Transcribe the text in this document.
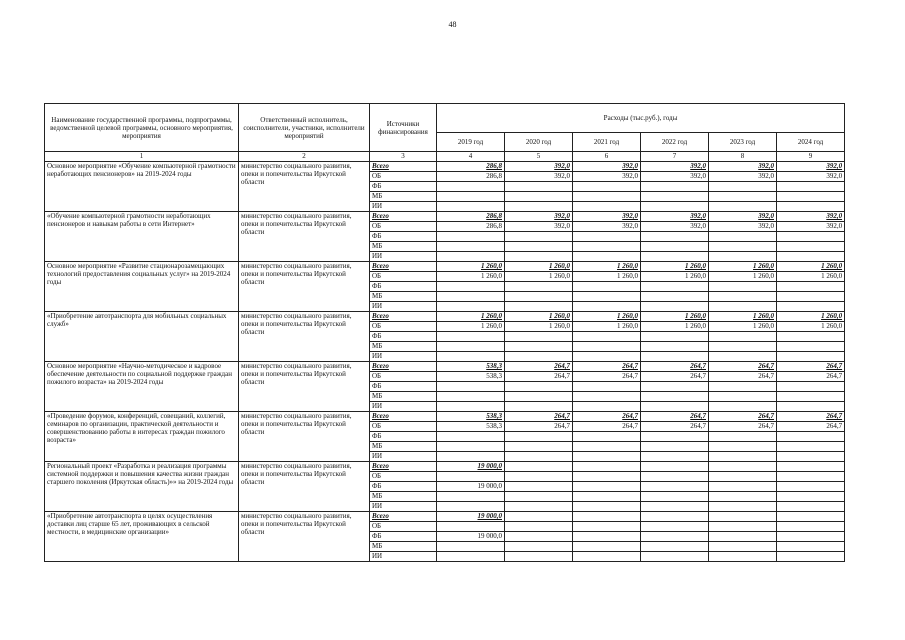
48
Наименование государственной программы, подпрограммы, ведомственной целевой программы, основного мероприятия, мероприятия	Ответственный исполнитель, соисполнители, участники, исполнители мероприятий	Источники финансирования	Расходы (тыс.руб.), годы					
			2019 год	2020 год	2021 год	2022 год	2023 год	2024 год
1	2	3	4	5	6	7	8	9
Основное мероприятие «Обучение компьютерной грамотности неработающих пенсионеров» на 2019-2024 годы	министерство социального развития, опеки и попечительства Иркутской области	Всего	286,8	392,0	392,0	392,0	392,0	392,0
		ОБ	286,8	392,0	392,0	392,0	392,0	392,0
		ФБ						
		МБ						
		ИИ						
«Обучение компьютерной грамотности неработающих пенсионеров и навыкам работы в сети Интернет»	министерство социального развития, опеки и попечительства Иркутской области	Всего	286,8	392,0	392,0	392,0	392,0	392,0
		ОБ	286,8	392,0	392,0	392,0	392,0	392,0
		ФБ						
		МБ						
		ИИ						
Основное мероприятие «Развитие стационарозамещающих технологий предоставления социальных услуг» на 2019-2024 годы	министерство социального развития, опеки и попечительства Иркутской области	Всего	1 260,0	1 260,0	1 260,0	1 260,0	1 260,0	1 260,0
		ОБ	1 260,0	1 260,0	1 260,0	1 260,0	1 260,0	1 260,0
		ФБ						
		МБ						
		ИИ						
«Приобретение автотранспорта для мобильных социальных служб»	министерство социального развития, опеки и попечительства Иркутской области	Всего	1 260,0	1 260,0	1 260,0	1 260,0	1 260,0	1 260,0
		ОБ	1 260,0	1 260,0	1 260,0	1 260,0	1 260,0	1 260,0
		ФБ						
		МБ						
		ИИ						
Основное мероприятие «Научно-методическое и кадровое обеспечение деятельности по социальной поддержке граждан пожилого возраста» на 2019-2024 годы	министерство социального развития, опеки и попечительства Иркутской области	Всего	538,3	264,7	264,7	264,7	264,7	264,7
		ОБ	538,3	264,7	264,7	264,7	264,7	264,7
		ФБ						
		МБ						
		ИИ						
«Проведение форумов, конференций, совещаний, коллегий, семинаров по организации, практической деятельности и совершенствованию работы в интересах граждан пожилого возраста»	министерство социального развития, опеки и попечительства Иркутской области	Всего	538,3	264,7	264,7	264,7	264,7	264,7
		ОБ	538,3	264,7	264,7	264,7	264,7	264,7
		ФБ						
		МБ						
		ИИ						
Региональный проект «Разработка и реализация программы системной поддержки и повышения качества жизни граждан старшего поколения (Иркутская область)»» на 2019-2024 годы	министерство социального развития, опеки и попечительства Иркутской области	Всего	19 000,0					
		ОБ						
		ФБ	19 000,0					
		МБ						
		ИИ						
«Приобретение автотранспорта в целях осуществления доставки лиц старше 65 лет, проживающих в сельской местности, в медицинские организации»	министерство социального развития, опеки и попечительства Иркутской области	Всего	19 000,0					
		ОБ						
		ФБ	19 000,0					
		МБ						
		ИИ						
